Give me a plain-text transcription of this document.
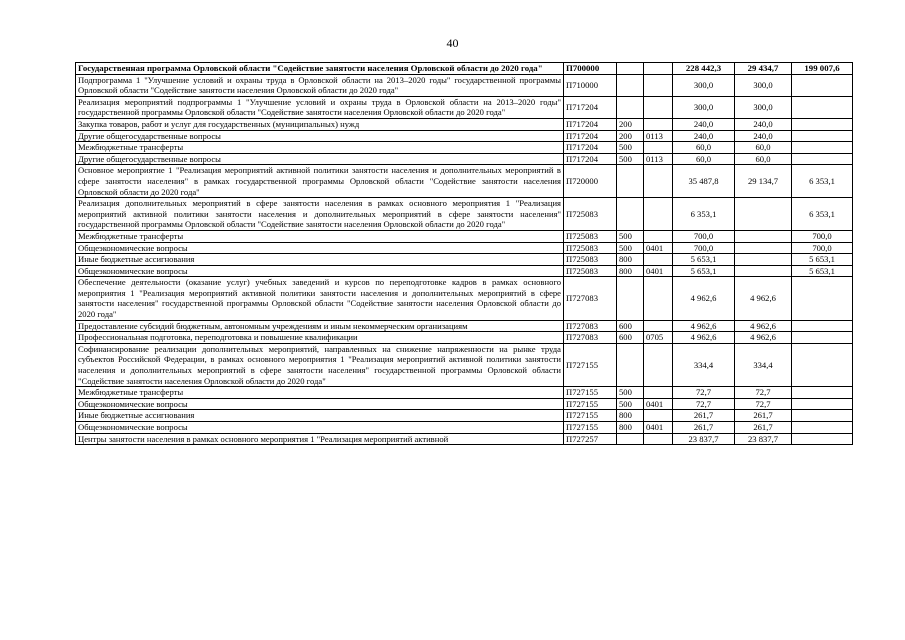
40
Государственная программа Орловской области "Содействие занятости населения Орловской области до 2020 года"	П700000			228 442,3	29 434,7	199 007,6
Подпрограмма 1 "Улучшение условий и охраны труда в Орловской области на 2013–2020 годы" государственной программы Орловской области "Содействие занятости населения Орловской области до 2020 года"	П710000			300,0	300,0	
Реализация мероприятий подпрограммы 1 "Улучшение условий и охраны труда в Орловской области на 2013–2020 годы" государственной программы Орловской области "Содействие занятости населения Орловской области до 2020 года"	П717204			300,0	300,0	
Закупка товаров, работ и услуг для государственных (муниципальных) нужд	П717204	200		240,0	240,0	
Другие общегосударственные вопросы	П717204	200	0113	240,0	240,0	
Межбюджетные трансферты	П717204	500		60,0	60,0	
Другие общегосударственные вопросы	П717204	500	0113	60,0	60,0	
Основное мероприятие 1 "Реализация мероприятий активной политики занятости населения и дополнительных мероприятий в сфере занятости населения" в рамках государственной программы Орловской области "Содействие занятости населения Орловской области до 2020 года"	П720000			35 487,8	29 134,7	6 353,1
Реализация дополнительных мероприятий в сфере занятости населения в рамках основного мероприятия 1 "Реализация мероприятий активной политики занятости населения и дополнительных мероприятий в сфере занятости населения" государственной программы Орловской области "Содействие занятости населения Орловской области до 2020 года"	П725083			6 353,1		6 353,1
Межбюджетные трансферты	П725083	500		700,0		700,0
Общеэкономические вопросы	П725083	500	0401	700,0		700,0
Иные бюджетные ассигнования	П725083	800		5 653,1		5 653,1
Общеэкономические вопросы	П725083	800	0401	5 653,1		5 653,1
Обеспечение деятельности (оказание услуг) учебных заведений и курсов по переподготовке кадров в рамках основного мероприятия 1 "Реализация мероприятий активной политики занятости населения и дополнительных мероприятий в сфере занятости населения" государственной программы Орловской области "Содействие занятости населения Орловской области до 2020 года"	П727083			4 962,6	4 962,6	
Предоставление субсидий бюджетным, автономным учреждениям и иным некоммерческим организациям	П727083	600		4 962,6	4 962,6	
Профессиональная подготовка, переподготовка и повышение квалификации	П727083	600	0705	4 962,6	4 962,6	
Софинансирование реализации дополнительных мероприятий, направленных на снижение напряженности на рынке труда субъектов Российской Федерации, в рамках основного мероприятия 1 "Реализация мероприятий активной политики занятости населения и дополнительных мероприятий в сфере занятости населения" государственной программы Орловской области "Содействие занятости населения Орловской области до 2020 года"	П727155			334,4	334,4	
Межбюджетные трансферты	П727155	500		72,7	72,7	
Общеэкономические вопросы	П727155	500	0401	72,7	72,7	
Иные бюджетные ассигнования	П727155	800		261,7	261,7	
Общеэкономические вопросы	П727155	800	0401	261,7	261,7	
Центры занятости населения в рамках основного мероприятия 1 "Реализация мероприятий активной	П727257			23 837,7	23 837,7	
